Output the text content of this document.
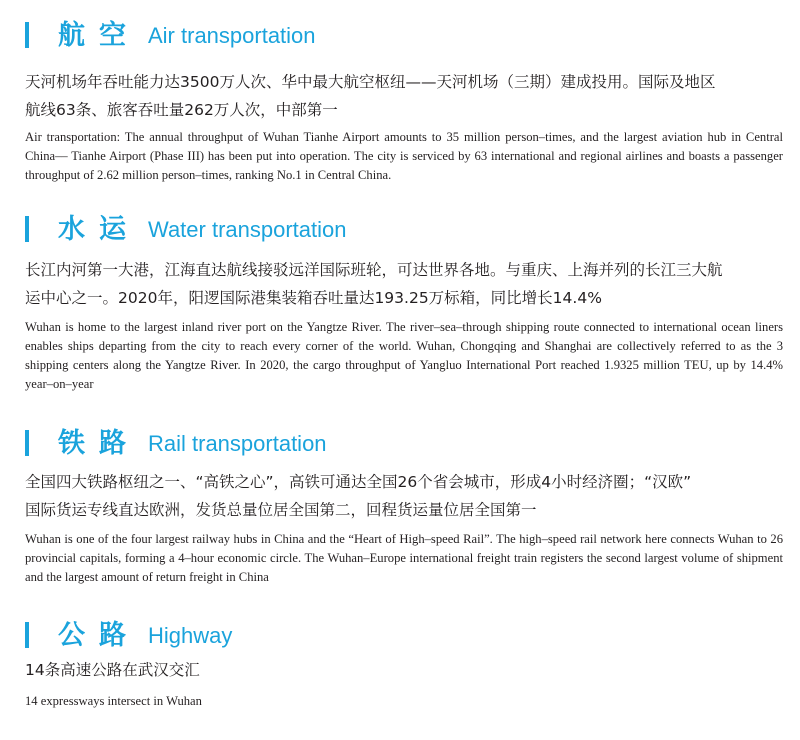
航空 Air transportation
天河机场年吞吐能力达3500万人次、华中最大航空枢纽——天河机场（三期）建成投用。国际及地区
航线63条、旅客吞吐量262万人次，中部第一
Air transportation: The annual throughput of Wuhan Tianhe Airport amounts to 35 million person–times, and the largest aviation hub in Central China–– Tianhe Airport (Phase III) has been put into operation. The city is serviced by 63 international and regional airlines and boasts a passenger throughput of 2.62 million person–times, ranking No.1 in Central China.
水运 Water transportation
长江内河第一大港，江海直达航线接驳远洋国际班轮，可达世界各地。与重庆、上海并列的长江三大航
运中心之一。2020年，阳逻国际港集装箱吞吐量达193.25万标箱，同比增长14.4%
Wuhan is home to the largest inland river port on the Yangtze River. The river–sea–through shipping route connected to international ocean liners enables ships departing from the city to reach every corner of the world. Wuhan, Chongqing and Shanghai are collectively referred to as the 3 shipping centers along the Yangtze River. In 2020, the cargo throughput of Yangluo International Port reached 1.9325 million TEU, up by 14.4% year–on–year
铁路 Rail transportation
全国四大铁路枢纽之一、“高铁之心”，高铁可通达全国26个省会城市，形成4小时经济圈；“汉欧”
国际货运专线直达欧洲，发货总量位居全国第二，回程货运量位居全国第一
Wuhan is one of the four largest railway hubs in China and the “Heart of High–speed Rail”. The high–speed rail network here connects Wuhan to 26 provincial capitals, forming a 4–hour economic circle. The Wuhan–Europe international freight train registers the second largest volume of shipment and the largest amount of return freight in China
公路 Highway
14条高速公路在武汉交汇
14 expressways intersect in Wuhan
